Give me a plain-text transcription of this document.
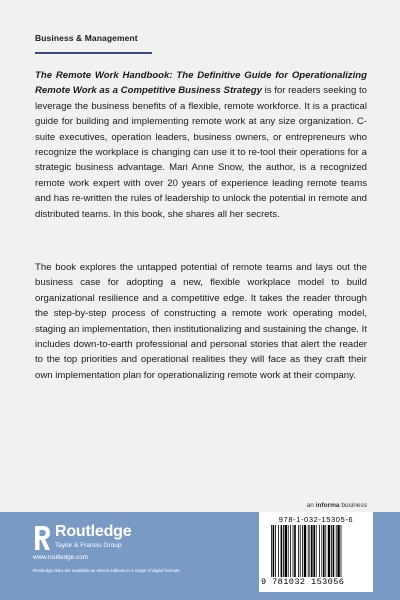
Business & Management

The Remote Work Handbook: The Definitive Guide for Operationalizing Remote Work as a Competitive Business Strategy is for readers seeking to leverage the business benefits of a flexible, remote workforce. It is a practical guide for building and implementing remote work at any size organization. C-suite executives, operation leaders, business owners, or entrepreneurs who recognize the workplace is changing can use it to re-tool their operations for a strategic business advantage. Mari Anne Snow, the author, is a recognized remote work expert with over 20 years of experience leading remote teams and has re-written the rules of leadership to unlock the potential in remote and distributed teams. In this book, she shares all her secrets.

The book explores the untapped potential of remote teams and lays out the business case for adopting a new, flexible workplace model to build organizational resilience and a competitive edge. It takes the reader through the step-by-step process of constructing a remote work operating model, staging an implementation, then institutionalizing and sustaining the change. It includes down-to-earth professional and personal stories that alert the reader to the top priorities and operational realities they will face as they craft their own implementation plan for operationalizing remote work at their company.

an informa business
Routledge
Taylor & Francis Group
www.routledge.com
Routledge titles are available as eBook editions in a range of digital formats
978-1-032-15305-6
9 781032 153056
